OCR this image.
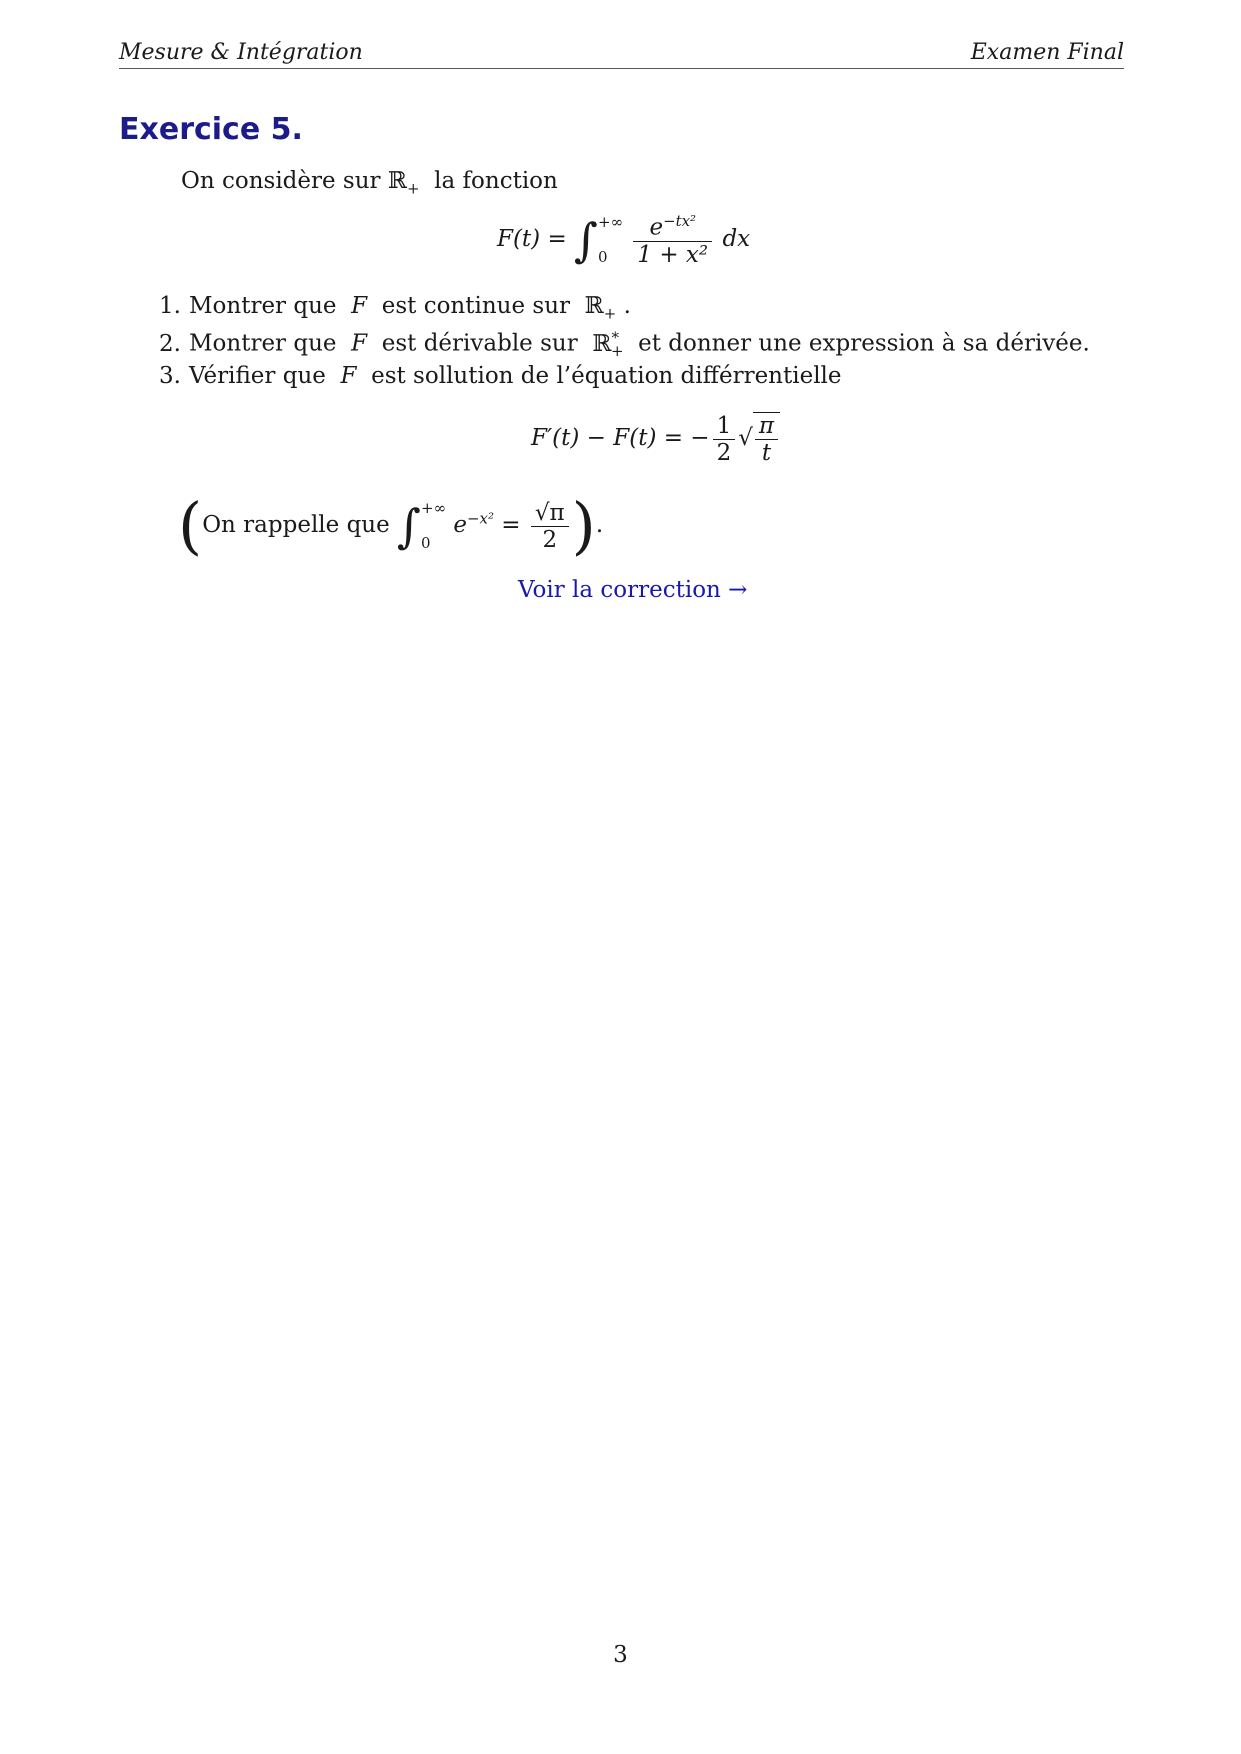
Mesure & Intégration	Examen Final
Exercice 5.
On considère sur ℝ$_+$ la fonction
F(t) = ∫ +∞
0
	$\frac{e^{-tx^2}}{\text{1 + x²}}$ dx
1. Montrer que F est continue sur ℝ$_+$ .
2. Montrer que F est dérivable sur ℝ*$_+$ et donner une expression à sa dérivée.
3. Vérifier que F est sollution de l’équation différrentielle
F′(t) − F(t) = − $\frac{1}{2}$ √ $\frac{\pi}{t}$
(On rappelle que ∫ +∞
0
$e^{-x^2} = \frac{√\pi}{2}$ ).
Voir la correction →
3
